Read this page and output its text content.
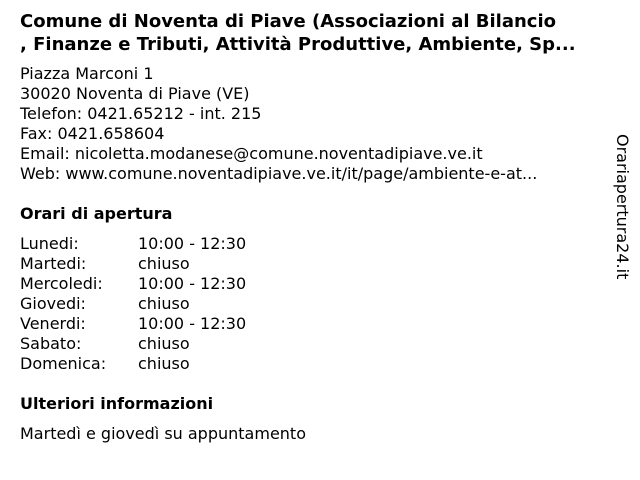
Comune di Noventa di Piave (Associazioni al Bilancio
, Finanze e Tributi, Attività Produttive, Ambiente, Sp...
Piazza Marconi 1
30020 Noventa di Piave (VE)
Telefon: 0421.65212 - int. 215
Fax: 0421.658604
Email: nicoletta.modanese@comune.noventadipiave.ve.it
Web: www.comune.noventadipiave.ve.it/it/page/ambiente-e-at...
Orari di apertura
Lunedi:	10:00 - 12:30
Martedi:	chiuso
Mercoledi: 10:00 - 12:30
Giovedi:	chiuso
Venerdi:	10:00 - 12:30
Sabato:	chiuso
Domenica: chiuso
Ulteriori informazioni
Martedì e giovedì su appuntamento
Orariapertura24.it
